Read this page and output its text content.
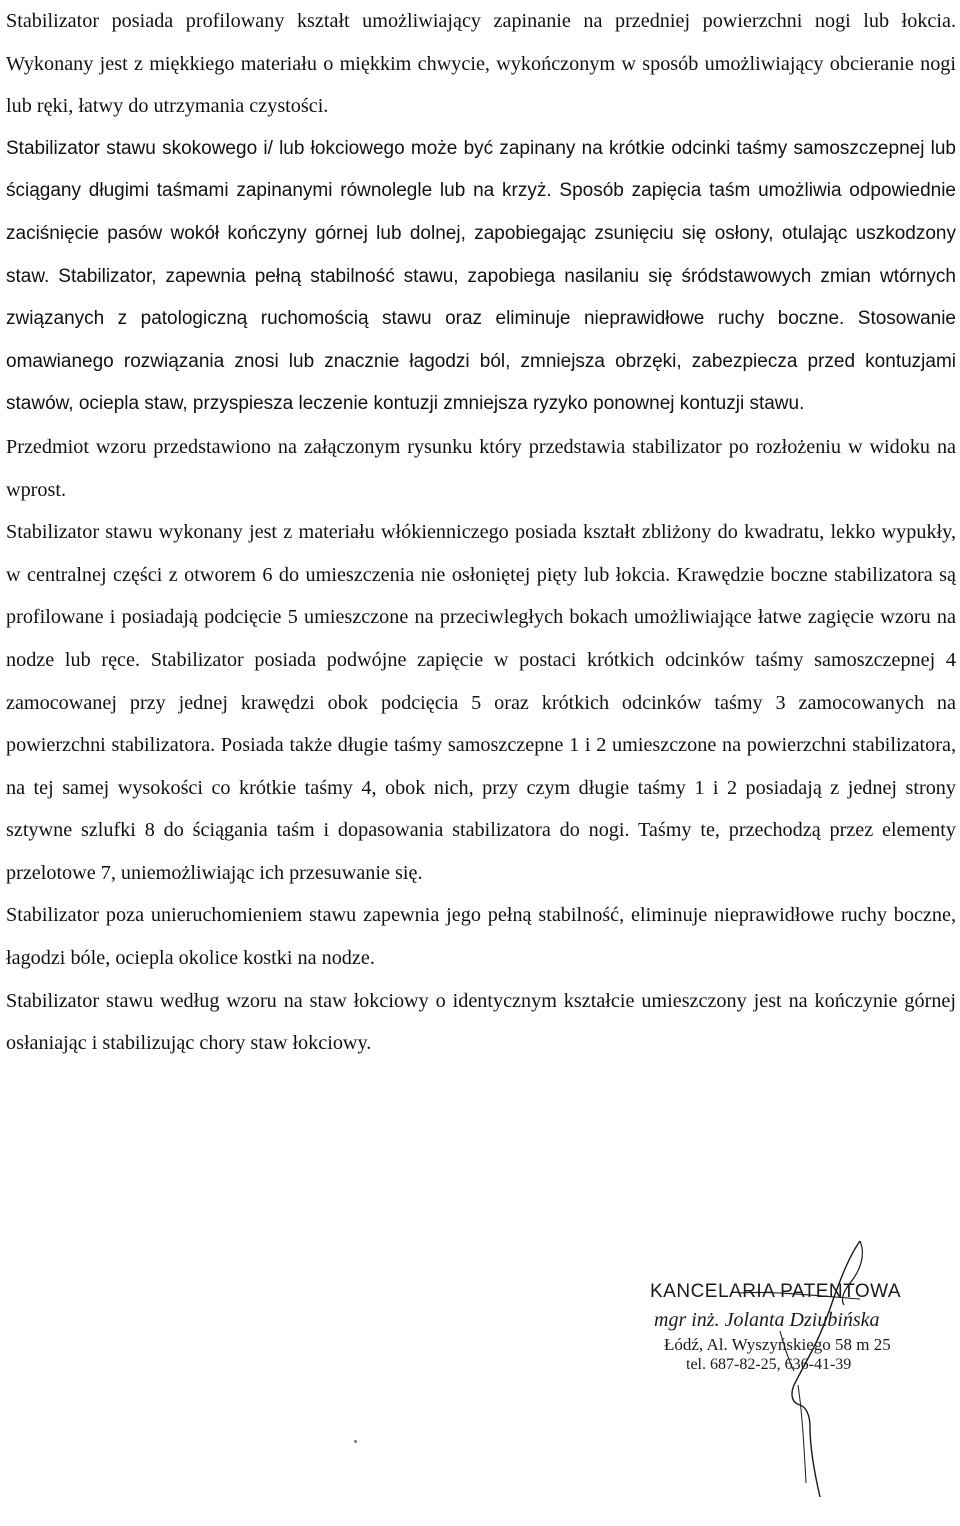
Stabilizator posiada profilowany kształt umożliwiający zapinanie na przedniej powierzchni nogi lub łokcia. Wykonany jest z miękkiego materiału o miękkim chwycie, wykończonym w sposób umożliwiający obcieranie nogi lub ręki, łatwy do utrzymania czystości.

Stabilizator stawu skokowego i/ lub łokciowego może być zapinany na krótkie odcinki taśmy samoszczepnej lub ściągany długimi taśmami zapinanymi równolegle lub na krzyż. Sposób zapięcia taśm umożliwia odpowiednie zaciśnięcie pasów wokół kończyny górnej lub dolnej, zapobiegając zsunięciu się osłony, otulając uszkodzony staw. Stabilizator, zapewnia pełną stabilność stawu, zapobiega nasilaniu się śródstawowych zmian wtórnych związanych z patologiczną ruchomością stawu oraz eliminuje nieprawidłowe ruchy boczne. Stosowanie omawianego rozwiązania znosi lub znacznie łagodzi ból, zmniejsza obrzęki, zabezpiecza przed kontuzjami stawów, ociepla staw, przyspiesza leczenie kontuzji zmniejsza ryzyko ponownej kontuzji stawu.

Przedmiot wzoru przedstawiono na załączonym rysunku który przedstawia stabilizator po rozłożeniu w widoku na wprost.

Stabilizator stawu wykonany jest z materiału włókienniczego posiada kształt zbliżony do kwadratu, lekko wypukły, w centralnej części z otworem 6 do umieszczenia nie osłoniętej pięty lub łokcia. Krawędzie boczne stabilizatora są profilowane i posiadają podcięcie 5 umieszczone na przeciwległych bokach umożliwiające łatwe zagięcie wzoru na nodze lub ręce. Stabilizator posiada podwójne zapięcie w postaci krótkich odcinków taśmy samoszczepnej 4 zamocowanej przy jednej krawędzi obok podcięcia 5 oraz krótkich odcinków taśmy 3 zamocowanych na powierzchni stabilizatora. Posiada także długie taśmy samoszczepne 1 i 2 umieszczone na powierzchni stabilizatora, na tej samej wysokości co krótkie taśmy 4, obok nich, przy czym długie taśmy 1 i 2 posiadają z jednej strony sztywne szlufki 8 do ściągania taśm i dopasowania stabilizatora do nogi. Taśmy te, przechodzą przez elementy przelotowe 7, uniemożliwiając ich przesuwanie się.

Stabilizator poza unieruchomieniem stawu zapewnia jego pełną stabilność, eliminuje nieprawidłowe ruchy boczne, łagodzi bóle, ociepla okolice kostki na nodze.

Stabilizator stawu według wzoru na staw łokciowy o identycznym kształcie umieszczony jest na kończynie górnej osłaniając i stabilizując chory staw łokciowy.

KANCELARIA PATENTOWA
mgr inż. Jolanta Dziubińska
Łódź, Al. Wyszyńskiego 58 m 25
tel. 687-82-25, 636-41-39
